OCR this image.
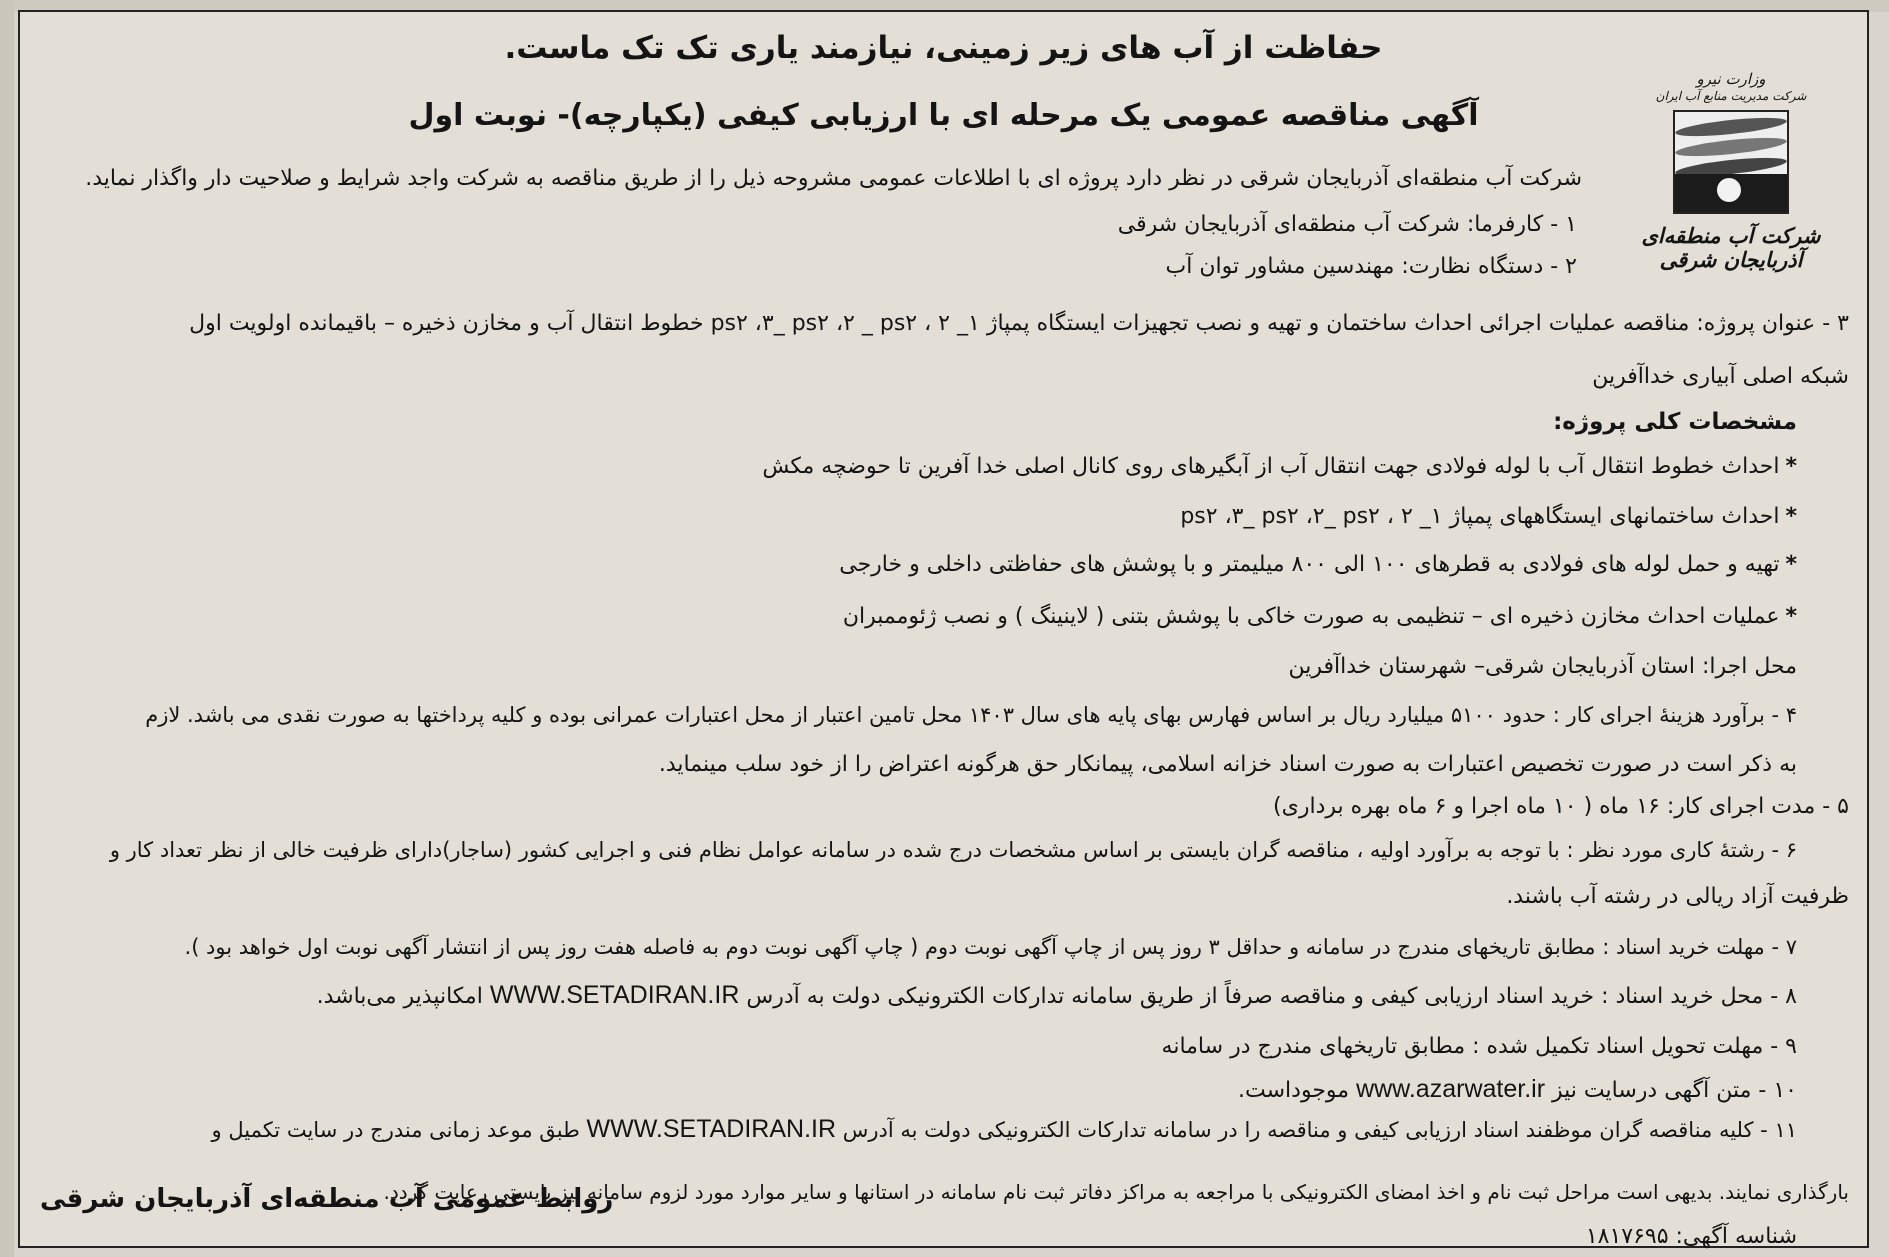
حفاظت از آب های زیر زمینی، نیازمند یاری تک تک ماست.
آگهی مناقصه عمومی یک مرحله ای با ارزیابی کیفی (یکپارچه)- نوبت اول
وزارت نیرو
شرکت مدیریت منابع آب ایران
شرکت آب منطقه‌ای آذربایجان شرقی
شرکت آب منطقه‌ای آذربایجان شرقی در نظر دارد پروژه ای با اطلاعات عمومی مشروحه ذیل را از طریق مناقصه به شرکت واجد شرایط و صلاحیت دار واگذار نماید.
۱ - کارفرما: شرکت آب منطقه‌ای آذربایجان شرقی
۲ - دستگاه نظارت: مهندسین مشاور توان آب
۳ - عنوان پروژه: مناقصه عملیات اجرائی احداث ساختمان و تهیه و نصب تجهیزات ایستگاه پمپاژ ۱_ ps۲ ،۳_ ps۲ ،۲ _ ps۲ ، ۲ خطوط انتقال آب و مخازن ذخیره – باقیمانده اولویت اول
شبکه اصلی آبیاری خداآفرین
مشخصات کلی پروژه:
*احداث خطوط انتقال آب با لوله فولادی جهت انتقال آب از آبگیرهای روی کانال اصلی خدا آفرین تا حوضچه مکش
*احداث ساختمانهای ایستگاههای پمپاژ ۱_ ps۲ ،۳_ ps۲ ،۲_ ps۲ ، ۲
*تهیه و حمل لوله های فولادی به قطرهای ۱۰۰ الی ۸۰۰ میلیمتر و با پوشش های حفاظتی داخلی و خارجی
*عملیات احداث مخازن ذخیره ای – تنظیمی به صورت خاکی با پوشش بتنی ( لاینینگ ) و نصب ژئوممبران
محل اجرا: استان آذربایجان شرقی– شهرستان خداآفرین
۴ - برآورد هزینهٔ اجرای کار : حدود ۵۱۰۰ میلیارد ریال بر اساس فهارس بهای پایه های سال ۱۴۰۳ محل تامین اعتبار از محل اعتبارات عمرانی بوده و کلیه پرداختها به صورت نقدی می باشد. لازم
به ذکر است در صورت تخصیص اعتبارات به صورت اسناد خزانه اسلامی، پیمانکار حق هرگونه اعتراض را از خود سلب مینماید.
۵ - مدت اجرای کار: ۱۶ ماه ( ۱۰ ماه اجرا و ۶ ماه بهره برداری)
۶ - رشتهٔ کاری مورد نظر : با توجه به برآورد اولیه ، مناقصه گران بایستی بر اساس مشخصات درج شده در سامانه عوامل نظام فنی و اجرایی کشور (ساجار)دارای ظرفیت خالی از نظر تعداد کار و
ظرفیت آزاد ریالی در رشته آب باشند.
۷ - مهلت خرید اسناد : مطابق تاریخهای مندرج در سامانه و حداقل ۳ روز پس از چاپ آگهی نوبت دوم ( چاپ آگهی نوبت دوم به فاصله هفت روز پس از انتشار آگهی نوبت اول خواهد بود ).
۸ - محل خرید اسناد : خرید اسناد ارزیابی کیفی و مناقصه صرفاً از طریق سامانه تدارکات الکترونیکی دولت به آدرس WWW.SETADIRAN.IR امکانپذیر می‌باشد.
۹ - مهلت تحویل اسناد تکمیل شده : مطابق تاریخهای مندرج در سامانه
۱۰ - متن آگهی درسایت نیز www.azarwater.ir موجوداست.
۱۱ - کلیه مناقصه گران موظفند اسناد ارزیابی کیفی و مناقصه را در سامانه تدارکات الکترونیکی دولت به آدرس WWW.SETADIRAN.IR طبق موعد زمانی مندرج در سایت تکمیل و
بارگذاری نمایند. بدیهی است مراحل ثبت نام و اخذ امضای الکترونیکی با مراجعه به مراکز دفاتر ثبت نام سامانه در استانها و سایر موارد مورد لزوم سامانه نیز بایستی رعایت گردد.
روابط عمومی آب منطقه‌ای آذربایجان شرقی
شناسه آگهی: ۱۸۱۷۶۹۵
